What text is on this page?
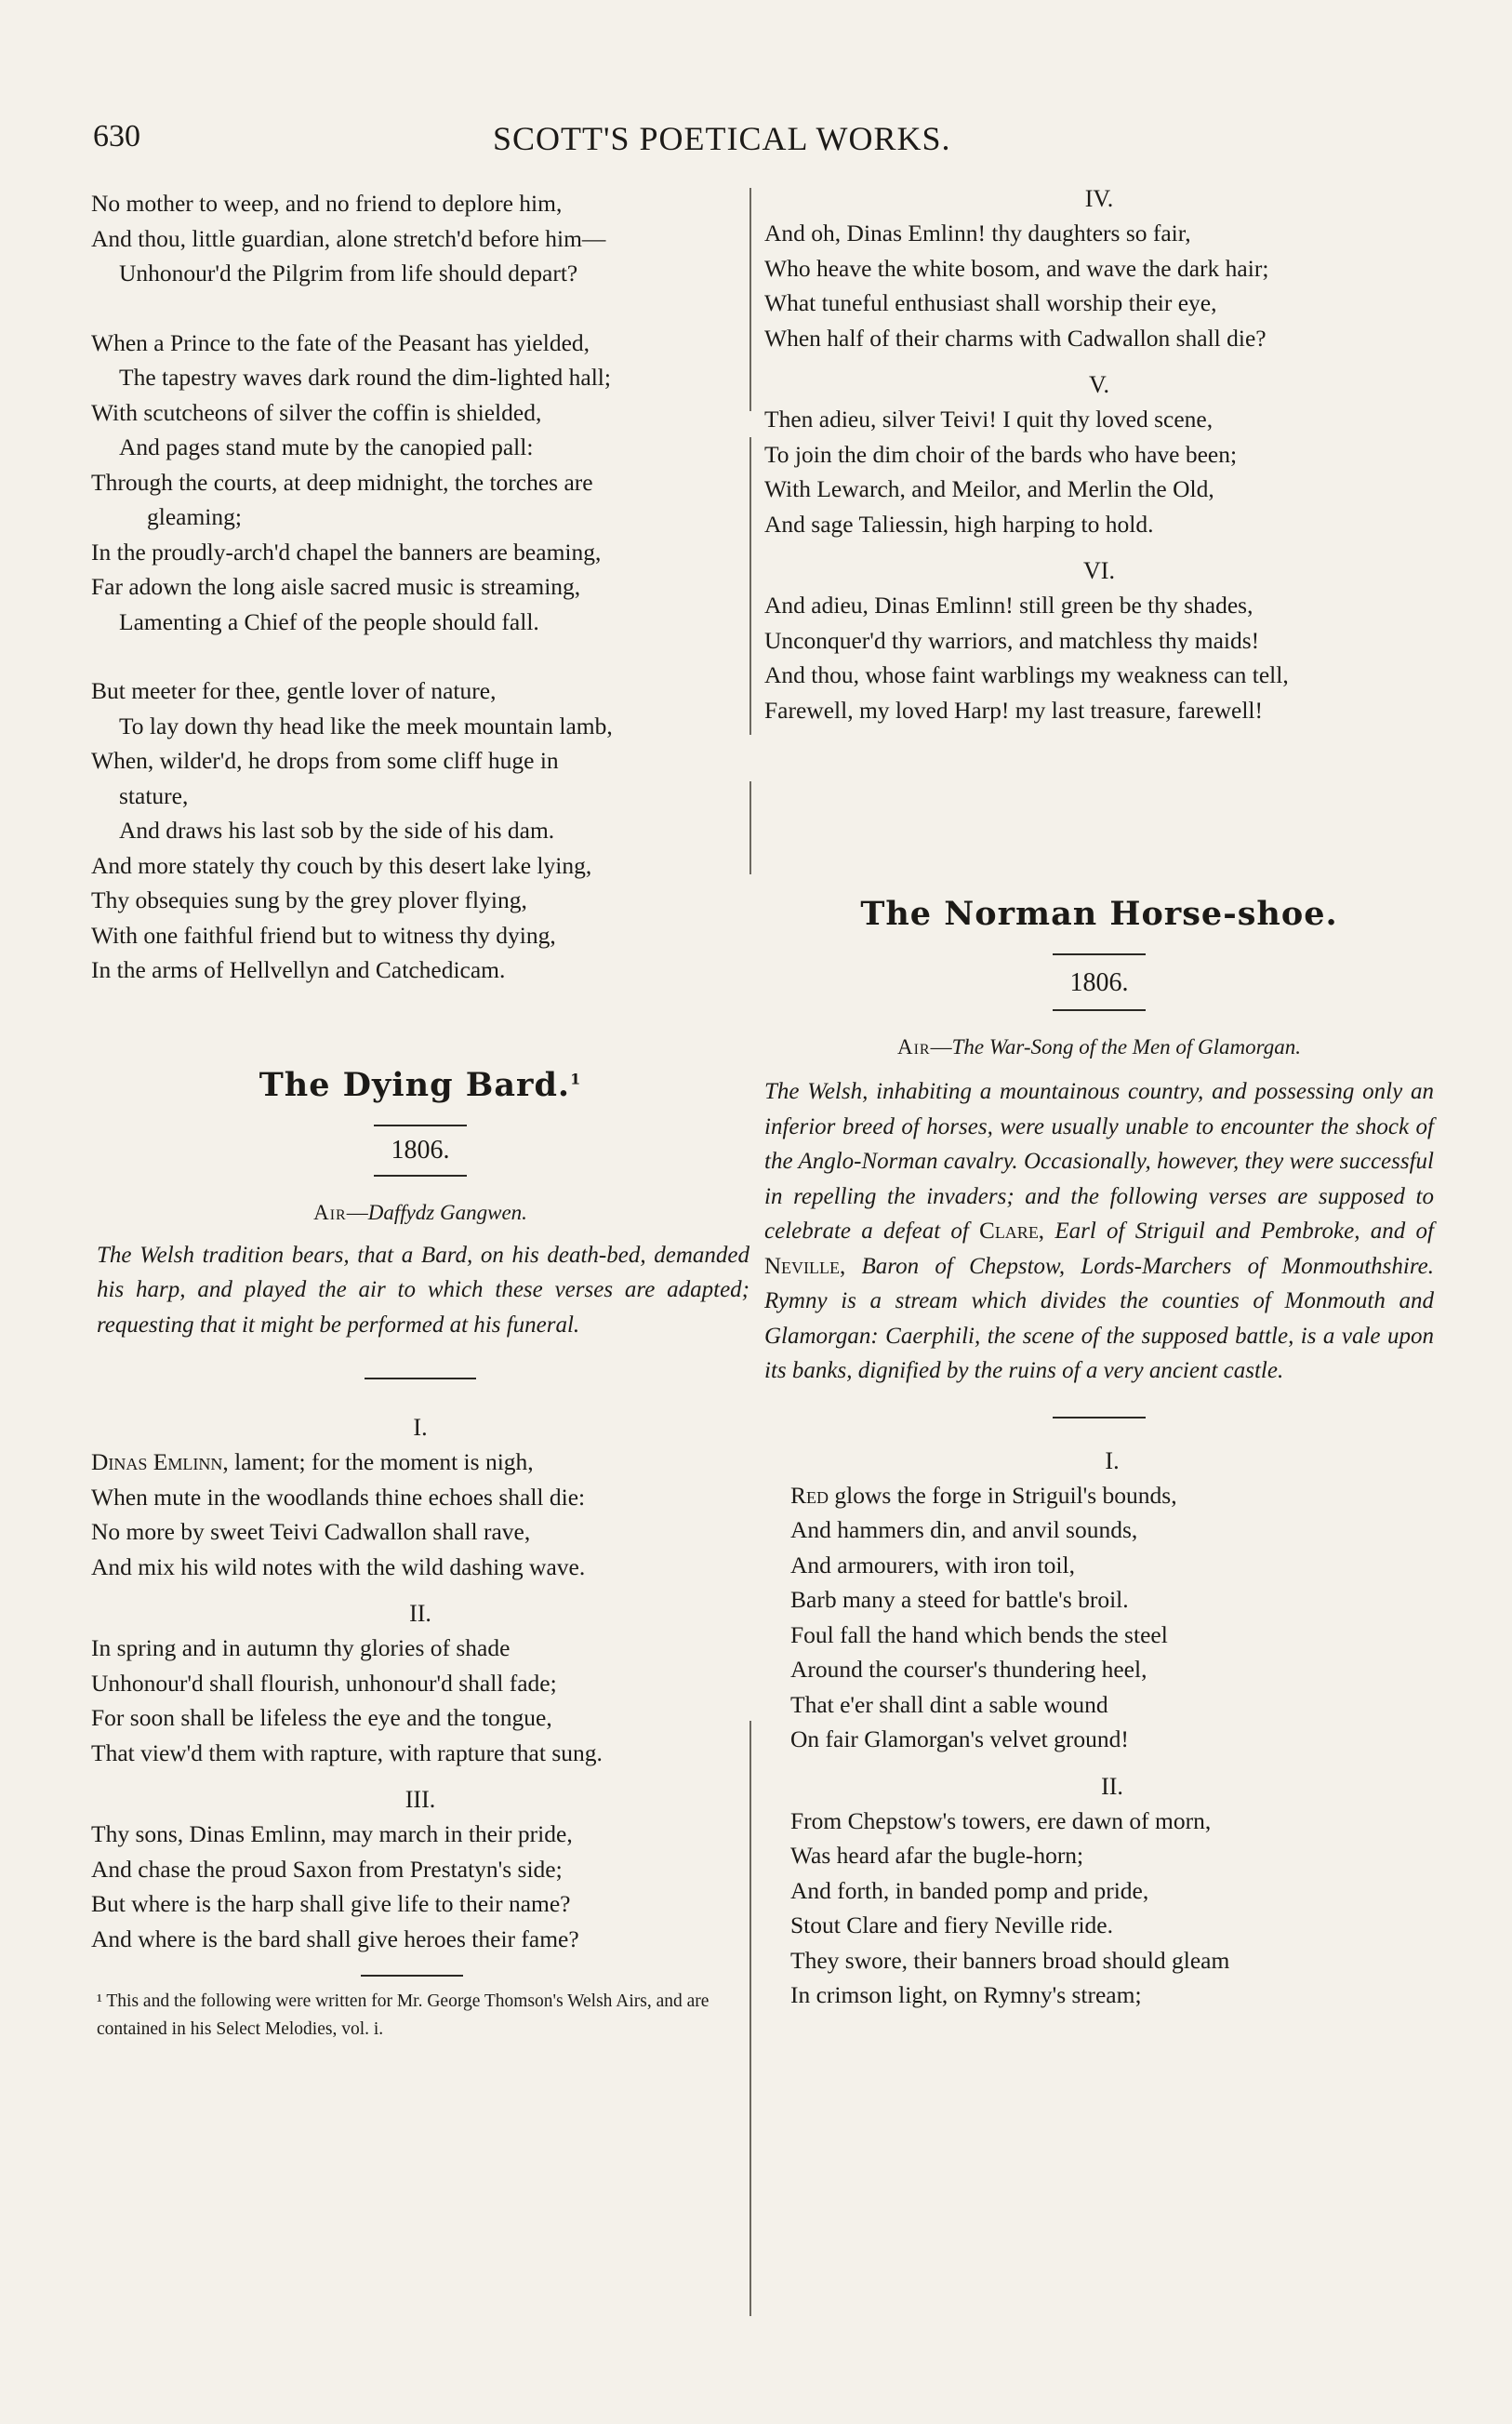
630	SCOTT'S POETICAL WORKS.
No mother to weep, and no friend to deplore him,
And thou, little guardian, alone stretch'd before him—
Unhonour'd the Pilgrim from life should depart?
When a Prince to the fate of the Peasant has yielded,
The tapestry waves dark round the dim-lighted hall;
With scutcheons of silver the coffin is shielded,
And pages stand mute by the canopied pall:
Through the courts, at deep midnight, the torches are
gleaming;
In the proudly-arch'd chapel the banners are beaming,
Far adown the long aisle sacred music is streaming,
Lamenting a Chief of the people should fall.
But meeter for thee, gentle lover of nature,
To lay down thy head like the meek mountain lamb,
When, wilder'd, he drops from some cliff huge in
stature,
And draws his last sob by the side of his dam.
And more stately thy couch by this desert lake lying,
Thy obsequies sung by the grey plover flying,
With one faithful friend but to witness thy dying,
In the arms of Hellvellyn and Catchedicam.
The Dying Bard.$^1$
1806.
Air—Daffydz Gangwen.
The Welsh tradition bears, that a Bard, on his death-bed, demanded his harp, and played the air to which these verses are adapted; requesting that it might be performed at his funeral.
I.
Dinas Emlinn, lament; for the moment is nigh,
When mute in the woodlands thine echoes shall die:
No more by sweet Teivi Cadwallon shall rave,
And mix his wild notes with the wild dashing wave.
II.
In spring and in autumn thy glories of shade
Unhonour'd shall flourish, unhonour'd shall fade;
For soon shall be lifeless the eye and the tongue,
That view'd them with rapture, with rapture that sung.
III.
Thy sons, Dinas Emlinn, may march in their pride,
And chase the proud Saxon from Prestatyn's side;
But where is the harp shall give life to their name?
And where is the bard shall give heroes their fame?
¹ This and the following were written for Mr. George Thomson's Welsh Airs, and are contained in his Select Melodies, vol. i.
IV.
And oh, Dinas Emlinn! thy daughters so fair,
Who heave the white bosom, and wave the dark hair;
What tuneful enthusiast shall worship their eye,
When half of their charms with Cadwallon shall die?
V.
Then adieu, silver Teivi! I quit thy loved scene,
To join the dim choir of the bards who have been;
With Lewarch, and Meilor, and Merlin the Old,
And sage Taliessin, high harping to hold.
VI.
And adieu, Dinas Emlinn! still green be thy shades,
Unconquer'd thy warriors, and matchless thy maids!
And thou, whose faint warblings my weakness can tell,
Farewell, my loved Harp! my last treasure, farewell!
The Norman Horse-shoe.
1806.
Air—The War-Song of the Men of Glamorgan.

The Welsh, inhabiting a mountainous country, and possessing only an inferior breed of horses, were usually unable to encounter the shock of the Anglo-Norman cavalry. Occasionally, however, they were successful in repelling the invaders; and the following verses are supposed to celebrate a defeat of Clare, Earl of Striguil and Pembroke, and of Neville, Baron of Chepstow, Lords-Marchers of Monmouthshire. Rymny is a stream which divides the counties of Monmouth and Glamorgan: Caerphili, the scene of the supposed battle, is a vale upon its banks, dignified by the ruins of a very ancient castle.

I.
Red glows the forge in Striguil's bounds,
And hammers din, and anvil sounds,
And armourers, with iron toil,
Barb many a steed for battle's broil.
Foul fall the hand which bends the steel
Around the courser's thundering heel,
That e'er shall dint a sable wound
On fair Glamorgan's velvet ground!
II.
From Chepstow's towers, ere dawn of morn,
Was heard afar the bugle-horn;
And forth, in banded pomp and pride,
Stout Clare and fiery Neville ride.
They swore, their banners broad should gleam
In crimson light, on Rymny's stream;
